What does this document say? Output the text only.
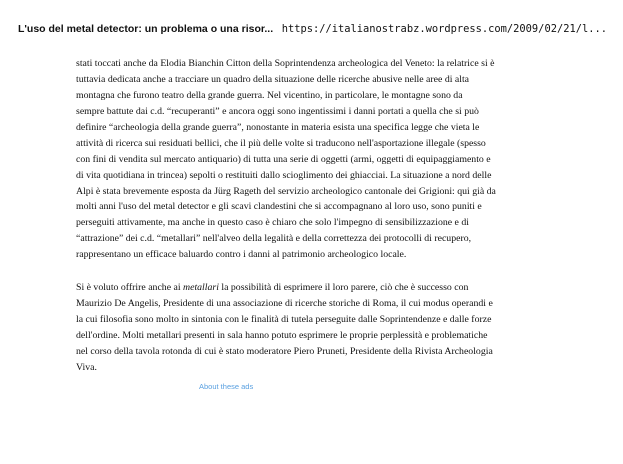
L'uso del metal detector: un problema o una risor... https://italianostrabz.wordpress.com/2009/02/21/l...
stati toccati anche da Elodia Bianchin Citton della Soprintendenza archeologica del Veneto: la relatrice si è
tuttavia dedicata anche a tracciare un quadro della situazione delle ricerche abusive nelle aree di alta
montagna che furono teatro della grande guerra. Nel vicentino, in particolare, le montagne sono da
sempre battute dai c.d. “recuperanti” e ancora oggi sono ingentissimi i danni portati a quella che si può
definire “archeologia della grande guerra”, nonostante in materia esista una specifica legge che vieta le
attività di ricerca sui residuati bellici, che il più delle volte si traducono nell'asportazione illegale (spesso
con fini di vendita sul mercato antiquario) di tutta una serie di oggetti (armi, oggetti di equipaggiamento e
di vita quotidiana in trincea) sepolti o restituiti dallo scioglimento dei ghiacciai. La situazione a nord delle
Alpi è stata brevemente esposta da Jürg Rageth del servizio archeologico cantonale dei Grigioni: qui già da
molti anni l'uso del metal detector e gli scavi clandestini che si accompagnano al loro uso, sono puniti e
perseguiti attivamente, ma anche in questo caso è chiaro che solo l'impegno di sensibilizzazione e di
“attrazione” dei c.d. “metallari” nell'alveo della legalità e della correttezza dei protocolli di recupero,
rappresentano un efficace baluardo contro i danni al patrimonio archeologico locale.
Si è voluto offrire anche ai metallari la possibilità di esprimere il loro parere, ciò che è successo con
Maurizio De Angelis, Presidente di una associazione di ricerche storiche di Roma, il cui modus operandi e
la cui filosofia sono molto in sintonia con le finalità di tutela perseguite dalle Soprintendenze e dalle forze
dell'ordine. Molti metallari presenti in sala hanno potuto esprimere le proprie perplessità e problematiche
nel corso della tavola rotonda di cui è stato moderatore Piero Pruneti, Presidente della Rivista Archeologia
Viva.
About these ads
